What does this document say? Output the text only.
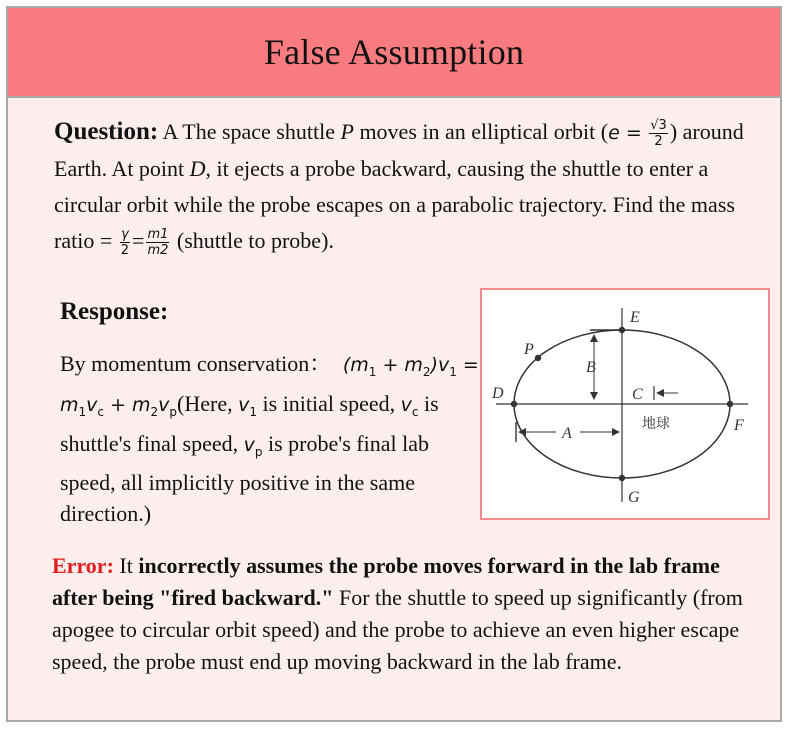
False Assumption
Question: A The space shuttle P moves in an elliptical orbit ($e = \frac{√3}{2}$ ) around Earth. At point D, it ejects a probe backward, causing the shuttle to enter a circular orbit while the probe escapes on a parabolic trajectory. Find the mass ratio = $\frac{\gamma}{2} = \frac{m1}{m2}$ (shuttle to probe).
Response:
By momentum conservation：  $(m_1 + m_2)v_1 = m_1v_c$ + $m_2v_p(Here$, $v_1$ is initial speed, $v_c$ is shuttle's final speed, $v_p$ is probe's final lab speed, all implicitly positive in the same direction.)
E
P
B
D	C
F
A
G
地球
Error: It incorrectly assumes the probe moves forward in the lab frame after being "fired backward." For the shuttle to speed up significantly (from apogee to circular orbit speed) and the probe to achieve an even higher escape speed, the probe must end up moving backward in the lab frame.
